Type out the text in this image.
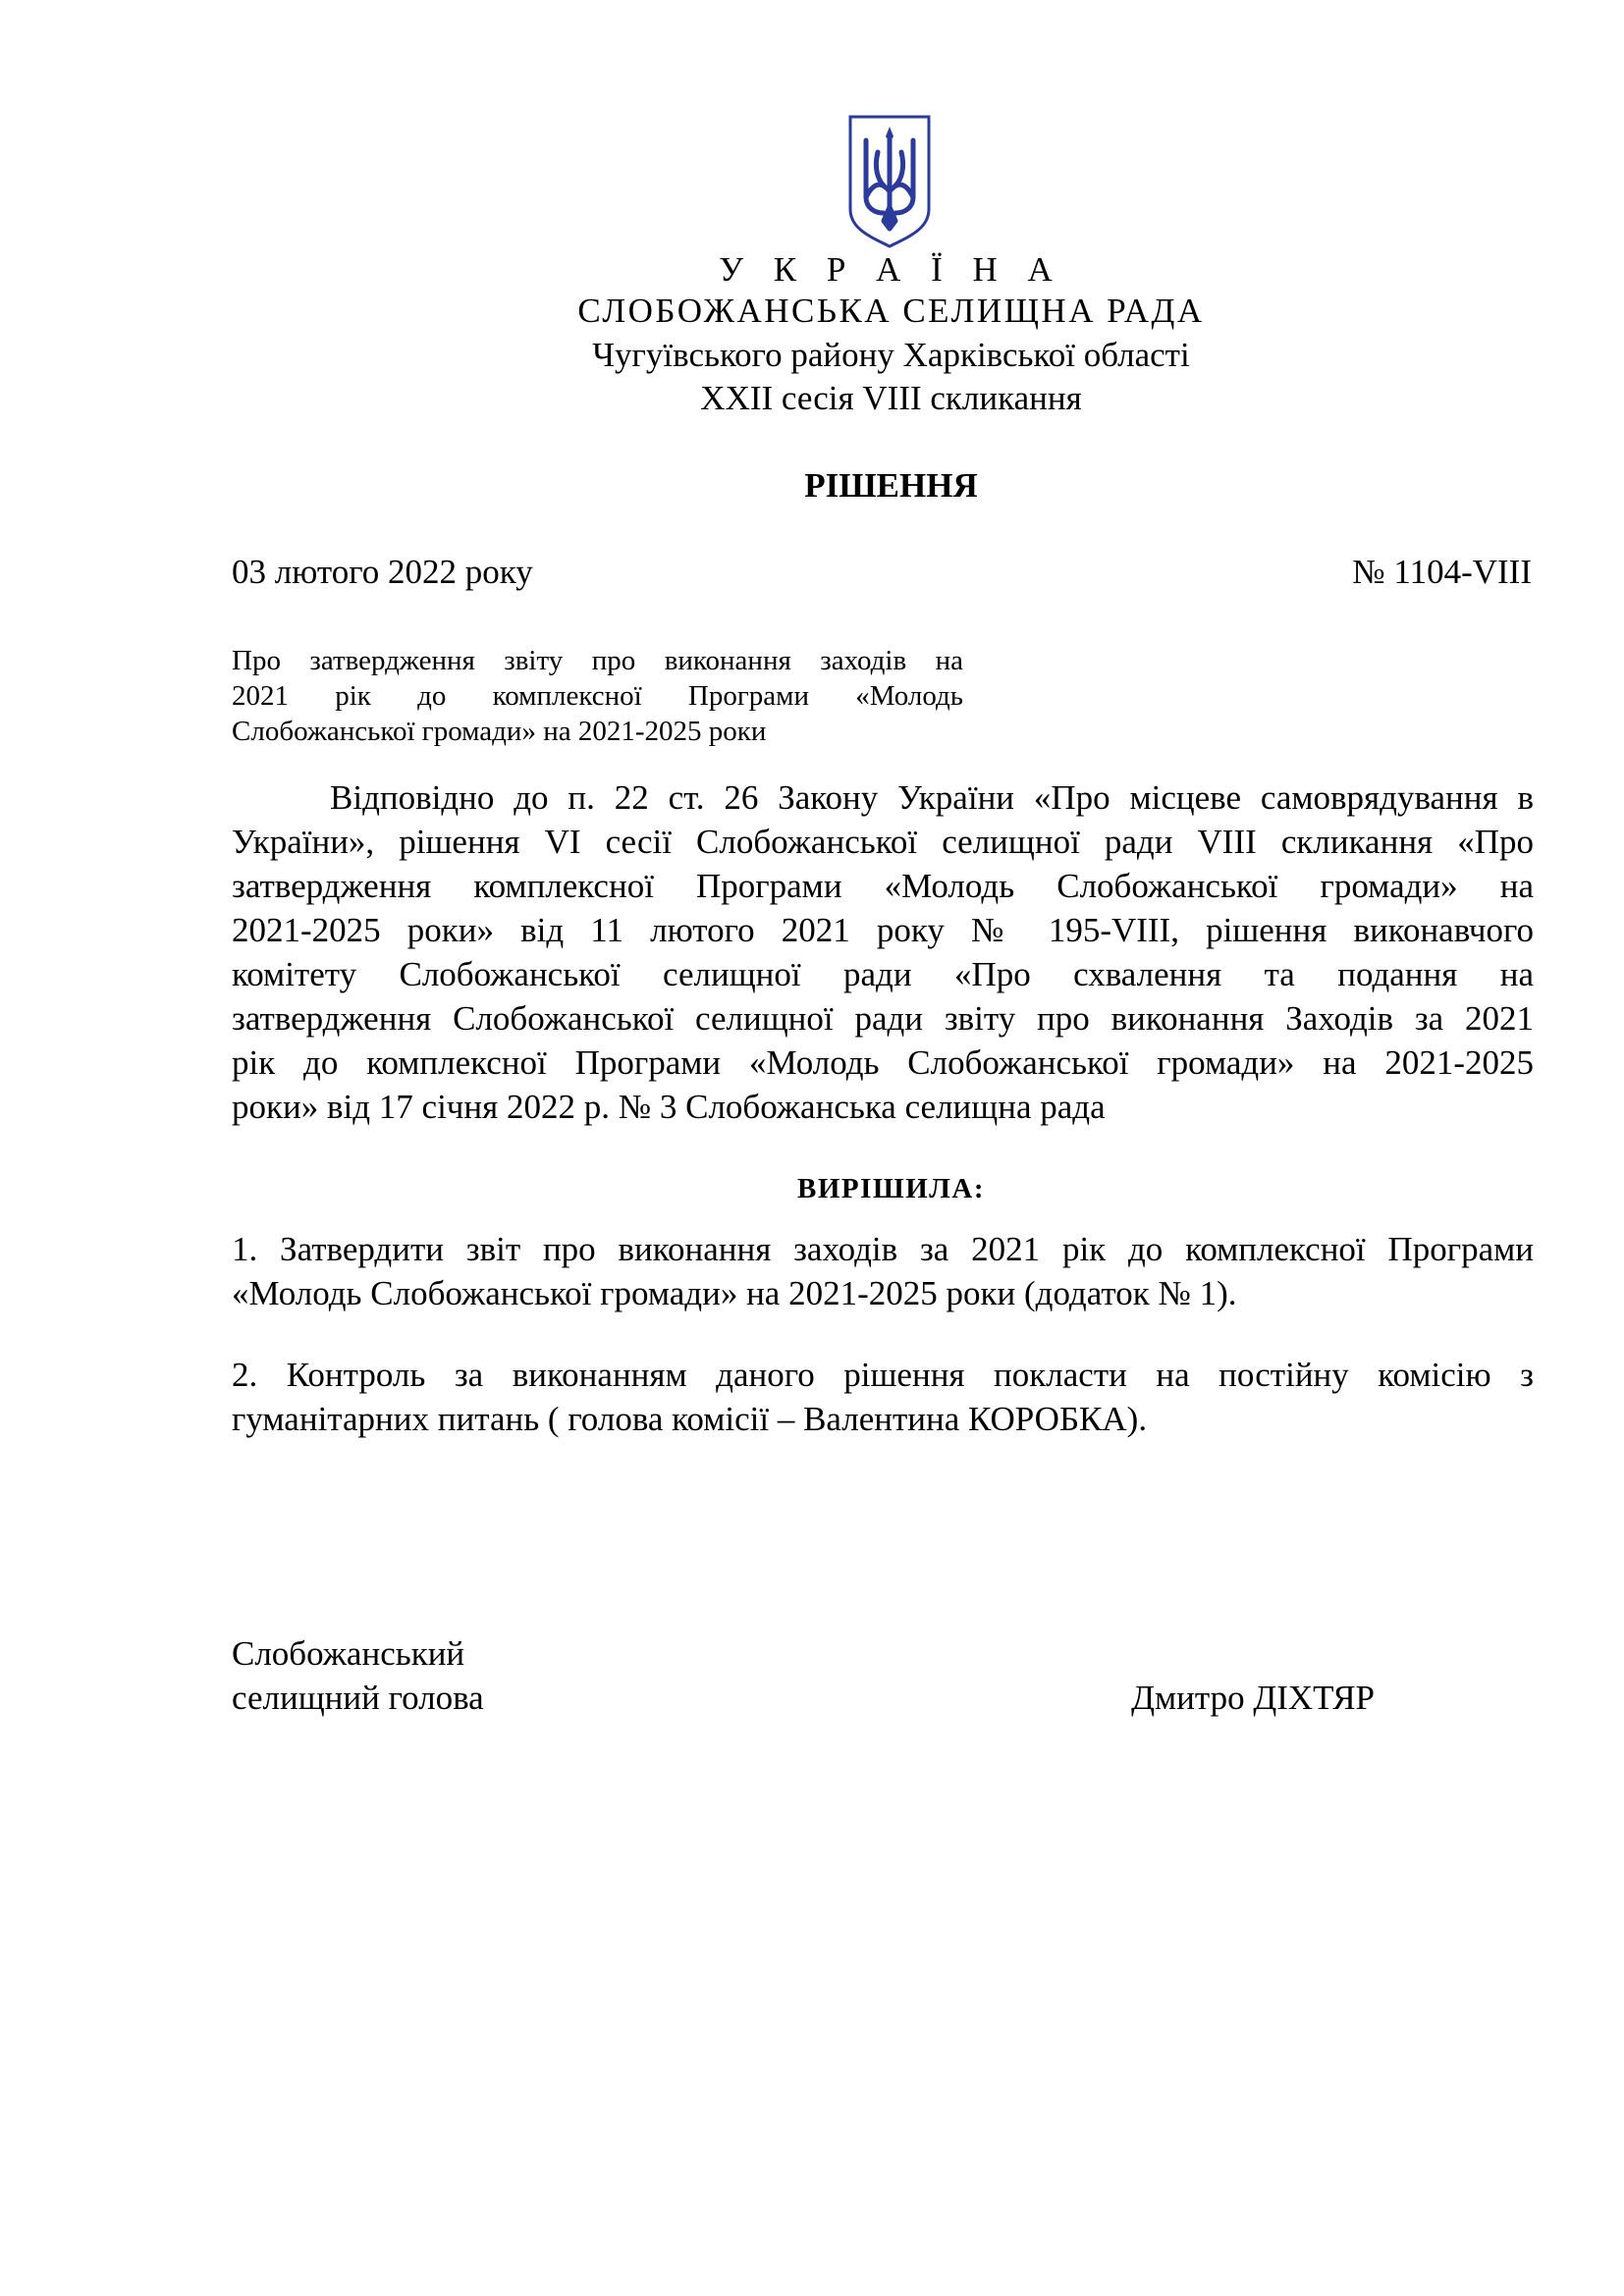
У К Р А Ї Н А
СЛОБОЖАНСЬКА СЕЛИЩНА РАДА
Чугуївського району Харківської області
XXII сесія VIII скликання
РІШЕННЯ
03 лютого 2022 року	№ 1104-VIII
Про затвердження звіту про виконання заходів на
2021 рік до комплексної Програми «Молодь
Слобожанської громади» на 2021-2025 роки
Відповідно до п. 22 ст. 26 Закону України «Про місцеве самоврядування в
України», рішення VI сесії Слобожанської селищної ради VIII скликання «Про
затвердження комплексної Програми «Молодь Слобожанської громади» на
2021-2025 роки» від 11 лютого 2021 року № 195-VIII, рішення виконавчого
комітету Слобожанської селищної ради «Про схвалення та подання на
затвердження Слобожанської селищної ради звіту про виконання Заходів за 2021
рік до комплексної Програми «Молодь Слобожанської громади» на 2021-2025
роки» від 17 січня 2022 р. № 3 Слобожанська селищна рада
ВИРІШИЛА:
1. Затвердити звіт про виконання заходів за 2021 рік до комплексної Програми
«Молодь Слобожанської громади» на 2021-2025 роки (додаток № 1).
2. Контроль за виконанням даного рішення покласти на постійну комісію з
гуманітарних питань ( голова комісії – Валентина КОРОБКА).
Слобожанський
селищний голова	Дмитро ДІХТЯР
